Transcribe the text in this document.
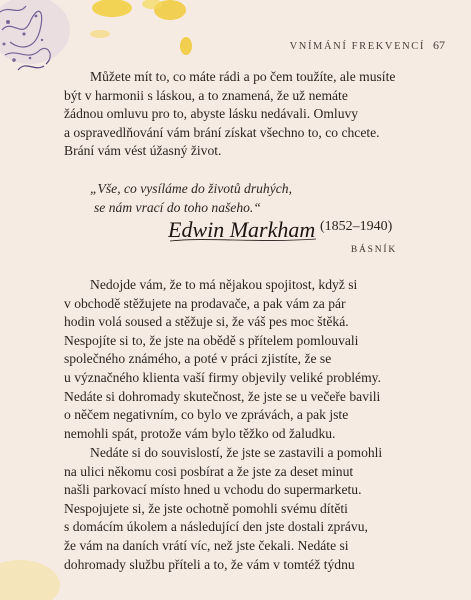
VNÍMÁNÍ FREKVENCÍ 67
Můžete mít to, co máte rádi a po čem toužíte, ale musíte
být v harmonii s láskou, a to znamená, že už nemáte
žádnou omluvu pro to, abyste lásku nedávali. Omluvy
a ospravedlňování vám brání získat všechno to, co chcete.
Brání vám vést úžasný život.
„Vše, co vysíláme do životů druhých,
se nám vrací do toho našeho.“
Edwin Markham (1852–1940)
BÁSNÍK
Nedojde vám, že to má nějakou spojitost, když si
v obchodě stěžujete na prodavače, a pak vám za pár
hodin volá soused a stěžuje si, že váš pes moc štěká.
Nespojíte si to, že jste na obědě s přítelem pomlouvali
společného známého, a poté v práci zjistíte, že se
u význačného klienta vaší firmy objevily veliké problémy.
Nedáte si dohromady skutečnost, že jste se u večeře bavili
o něčem negativním, co bylo ve zprávách, a pak jste
nemohli spát, protože vám bylo těžko od žaludku.
Nedáte si do souvislostí, že jste se zastavili a pomohli
na ulici někomu cosi posbírat a že jste za deset minut
našli parkovací místo hned u vchodu do supermarketu.
Nespojujete si, že jste ochotně pomohli svému dítěti
s domácím úkolem a následující den jste dostali zprávu,
že vám na daních vrátí víc, než jste čekali. Nedáte si
dohromady službu příteli a to, že vám v tomtéž týdnu
